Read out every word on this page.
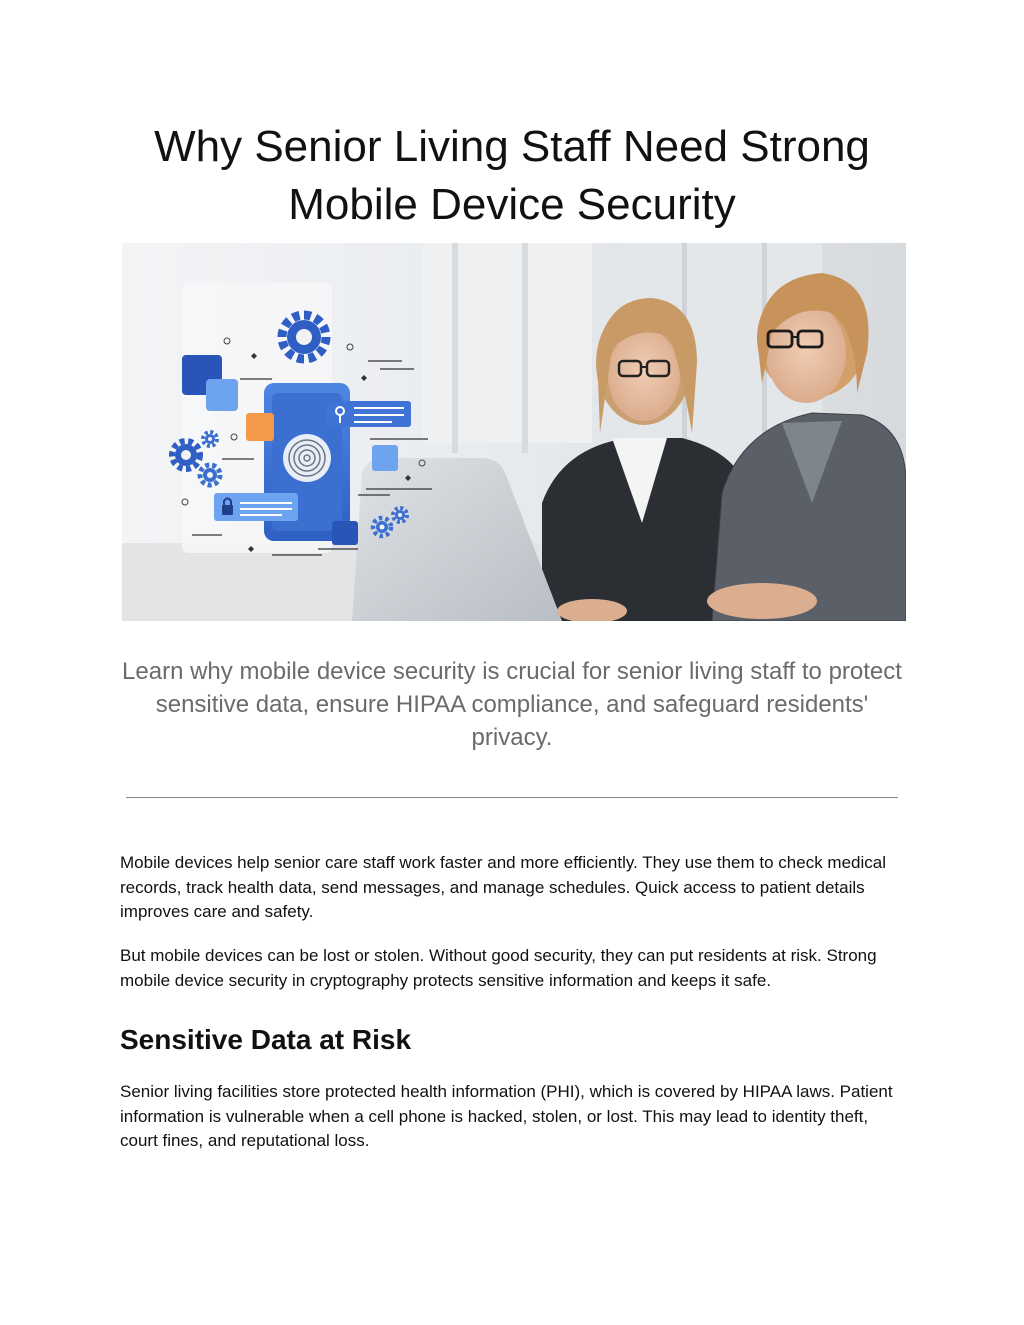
Why Senior Living Staff Need Strong Mobile Device Security

Learn why mobile device security is crucial for senior living staff to protect sensitive data, ensure HIPAA compliance, and safeguard residents' privacy.

Mobile devices help senior care staff work faster and more efficiently. They use them to check medical records, track health data, send messages, and manage schedules. Quick access to patient details improves care and safety.

But mobile devices can be lost or stolen. Without good security, they can put residents at risk. Strong mobile device security in cryptography protects sensitive information and keeps it safe.

Sensitive Data at Risk

Senior living facilities store protected health information (PHI), which is covered by HIPAA laws. Patient information is vulnerable when a cell phone is hacked, stolen, or lost. This may lead to identity theft, court fines, and reputational loss.
